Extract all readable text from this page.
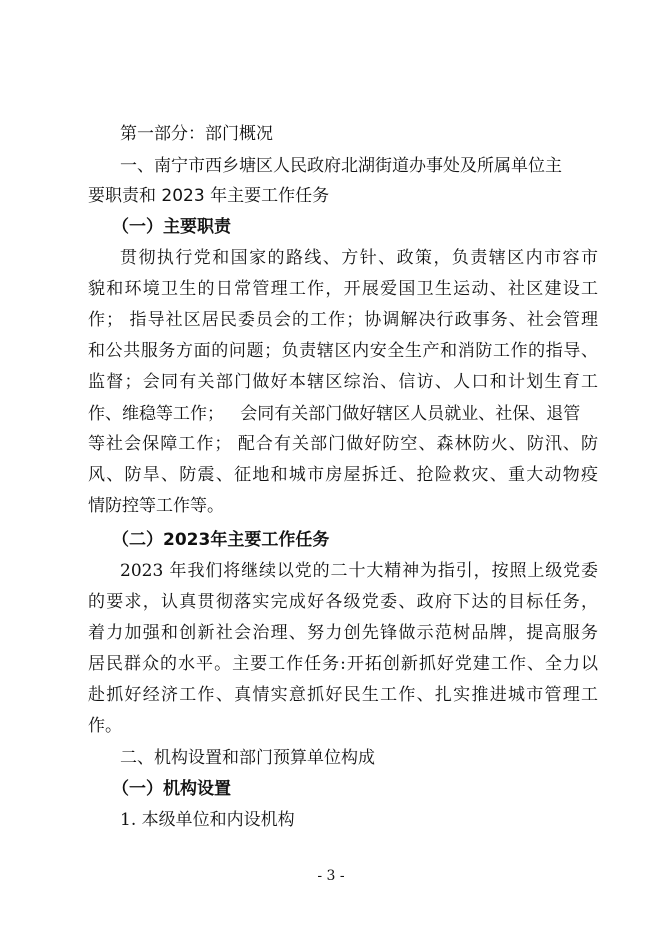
第一部分：部门概况
一、南宁市西乡塘区人民政府北湖街道办事处及所属单位主
要职责和 2023 年主要工作任务
（一）主要职责
贯彻执行党和国家的路线、方针、政策，负责辖区内市容市
貌和环境卫生的日常管理工作，开展爱国卫生运动、社区建设工
作； 指导社区居民委员会的工作；协调解决行政事务、社会管理
和公共服务方面的问题；负责辖区内安全生产和消防工作的指导、
监督；会同有关部门做好本辖区综治、信访、人口和计划生育工
作、维稳等工作；   会同有关部门做好辖区人员就业、社保、退管
等社会保障工作； 配合有关部门做好防空、森林防火、防汛、防
风、防旱、防震、征地和城市房屋拆迁、抢险救灾、重大动物疫
情防控等工作等。
（二）2023年主要工作任务
2023 年我们将继续以党的二十大精神为指引，按照上级党委
的要求，认真贯彻落实完成好各级党委、政府下达的目标任务，
着力加强和创新社会治理、努力创先锋做示范树品牌，提高服务
居民群众的水平。主要工作任务:开拓创新抓好党建工作、全力以
赴抓好经济工作、真情实意抓好民生工作、扎实推进城市管理工
作。
二、机构设置和部门预算单位构成
（一）机构设置
1. 本级单位和内设机构
- 3 -
